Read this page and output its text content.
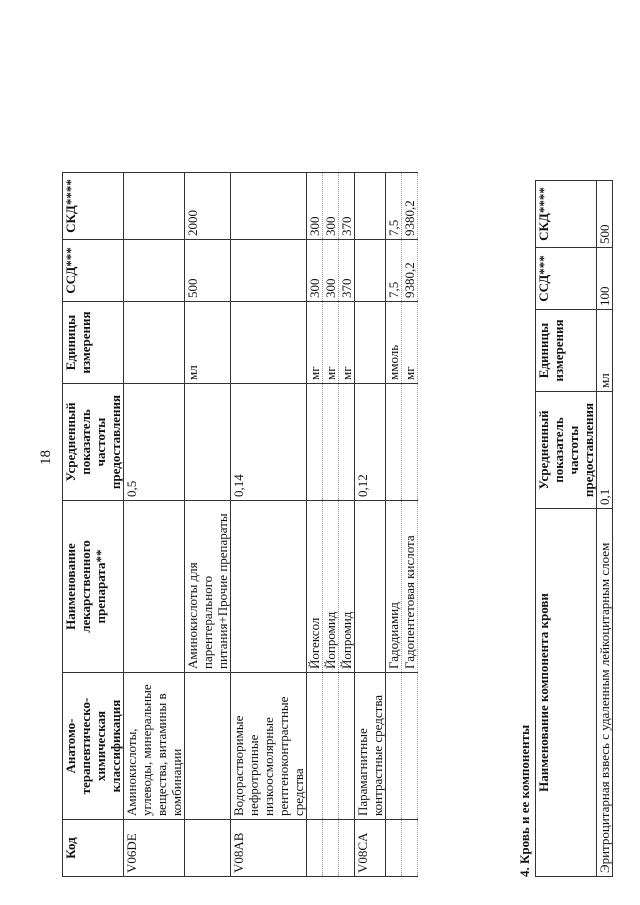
18
Код	Анатомо-терапевтическо-химическая классификация	Наименование лекарственного препарата**	Усредненный показатель частоты предоставления	Единицы измерения	ССД***	СКД****
V06DE	Аминокислоты, углеводы, минеральные вещества, витамины в комбинации		0,5			
		Аминокислоты для парентерального питания+Прочие препараты		мл	500	2000
V08AB	Водорастворимые нефротропные низкоосмолярные рентгеноконтрастные средства		0,14			
		Йогексол		мг	300	300
		Йопромид		мг	300	300
		Йопромид		мг	370	370
V08CA	Парамагнитные контрастные средства		0,12			
		Гадодиамид		ммоль	7,5	7,5
		Гадопентетовая кислота		мг	9380,2	9380,2
4. Кровь и ее компоненты
Наименование компонента крови	Усредненный показатель частоты предоставления	Единицы измерения	ССД***	СКД****
Эритроцитарная взвесь с удаленным лейкоцитарным слоем	0,1	мл	100	500
